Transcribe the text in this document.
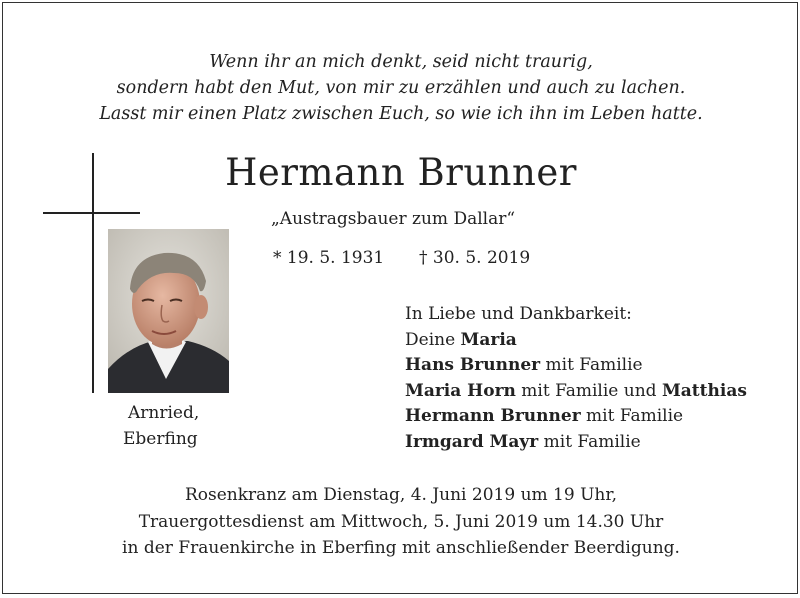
Wenn ihr an mich denkt, seid nicht traurig,
sondern habt den Mut, von mir zu erzählen und auch zu lachen.
Lasst mir einen Platz zwischen Euch, so wie ich ihn im Leben hatte.
Hermann Brunner
Arnried,
Eberfing
„Austragsbauer zum Dallar“
* 19. 5. 1931 † 30. 5. 2019
In Liebe und Dankbarkeit:
Deine Maria
Hans Brunner mit Familie
Maria Horn mit Familie und Matthias
Hermann Brunner mit Familie
Irmgard Mayr mit Familie
Rosenkranz am Dienstag, 4. Juni 2019 um 19 Uhr,
Trauergottesdienst am Mittwoch, 5. Juni 2019 um 14.30 Uhr
in der Frauenkirche in Eberfing mit anschließender Beerdigung.
